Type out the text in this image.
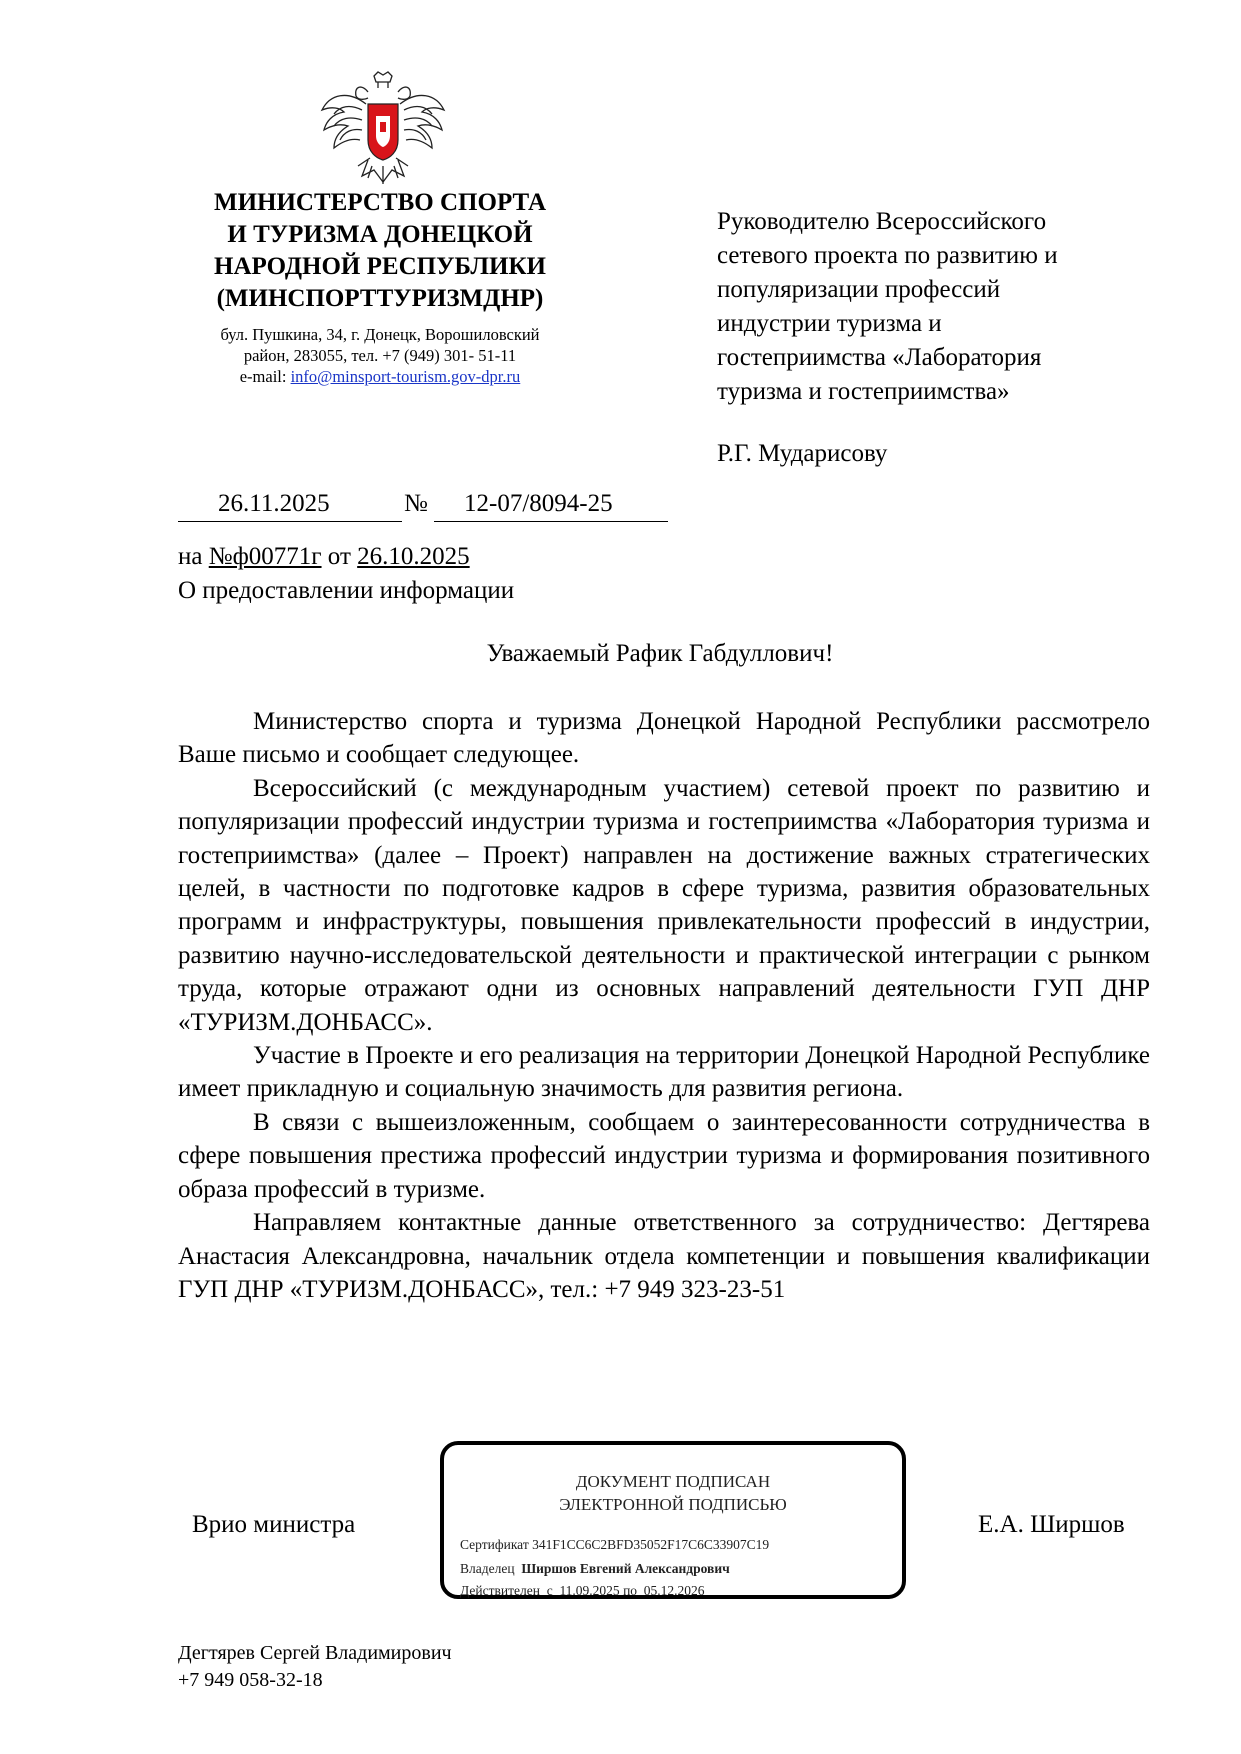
МИНИСТЕРСТВО СПОРТА
И ТУРИЗМА ДОНЕЦКОЙ
НАРОДНОЙ РЕСПУБЛИКИ
(МИНСПОРТТУРИЗМДНР)
бул. Пушкина, 34, г. Донецк, Ворошиловский
район, 283055, тел. +7 (949) 301- 51-11
e-mail: info@minsport-tourism.gov-dpr.ru
Руководителю Всероссийского
сетевого проекта по развитию и
популяризации профессий
индустрии туризма и
гостеприимства «Лаборатория
туризма и гостеприимства»
Р.Г. Мударисову
26.11.2025	№ 12-07/8094-25
на №ф00771г от 26.10.2025
О предоставлении информации
Уважаемый Рафик Габдуллович!

Министерство спорта и туризма Донецкой Народной Республики рассмотрело Ваше письмо и сообщает следующее.

Всероссийский (с международным участием) сетевой проект по развитию и популяризации профессий индустрии туризма и гостеприимства «Лаборатория туризма и гостеприимства» (далее – Проект) направлен на достижение важных стратегических целей, в частности по подготовке кадров в сфере туризма, развития образовательных программ и инфраструктуры, повышения привлекательности профессий в индустрии, развитию научно-исследовательской деятельности и практической интеграции с рынком труда, которые отражают одни из основных направлений деятельности ГУП ДНР «ТУРИЗМ.ДОНБАСС».

Участие в Проекте и его реализация на территории Донецкой Народной Республике имеет прикладную и социальную значимость для развития региона.

В связи с вышеизложенным, сообщаем о заинтересованности сотрудничества в сфере повышения престижа профессий индустрии туризма и формирования позитивного образа профессий в туризме.

Направляем контактные данные ответственного за сотрудничество: Дегтярева Анастасия Александровна, начальник отдела компетенции и повышения квалификации ГУП ДНР «ТУРИЗМ.ДОНБАСС», тел.: +7 949 323-23-51

Врио министра
ДОКУМЕНТ ПОДПИСАН
ЭЛЕКТРОННОЙ ПОДПИСЬЮ
Сертификат 341F1CC6C2BFD35052F17C6C33907C19
Владелец Ширшов Евгений Александрович
Действителен с 11.09.2025 по 05.12.2026
Е.А. Ширшов
Дегтярев Сергей Владимирович
+7 949 058-32-18
